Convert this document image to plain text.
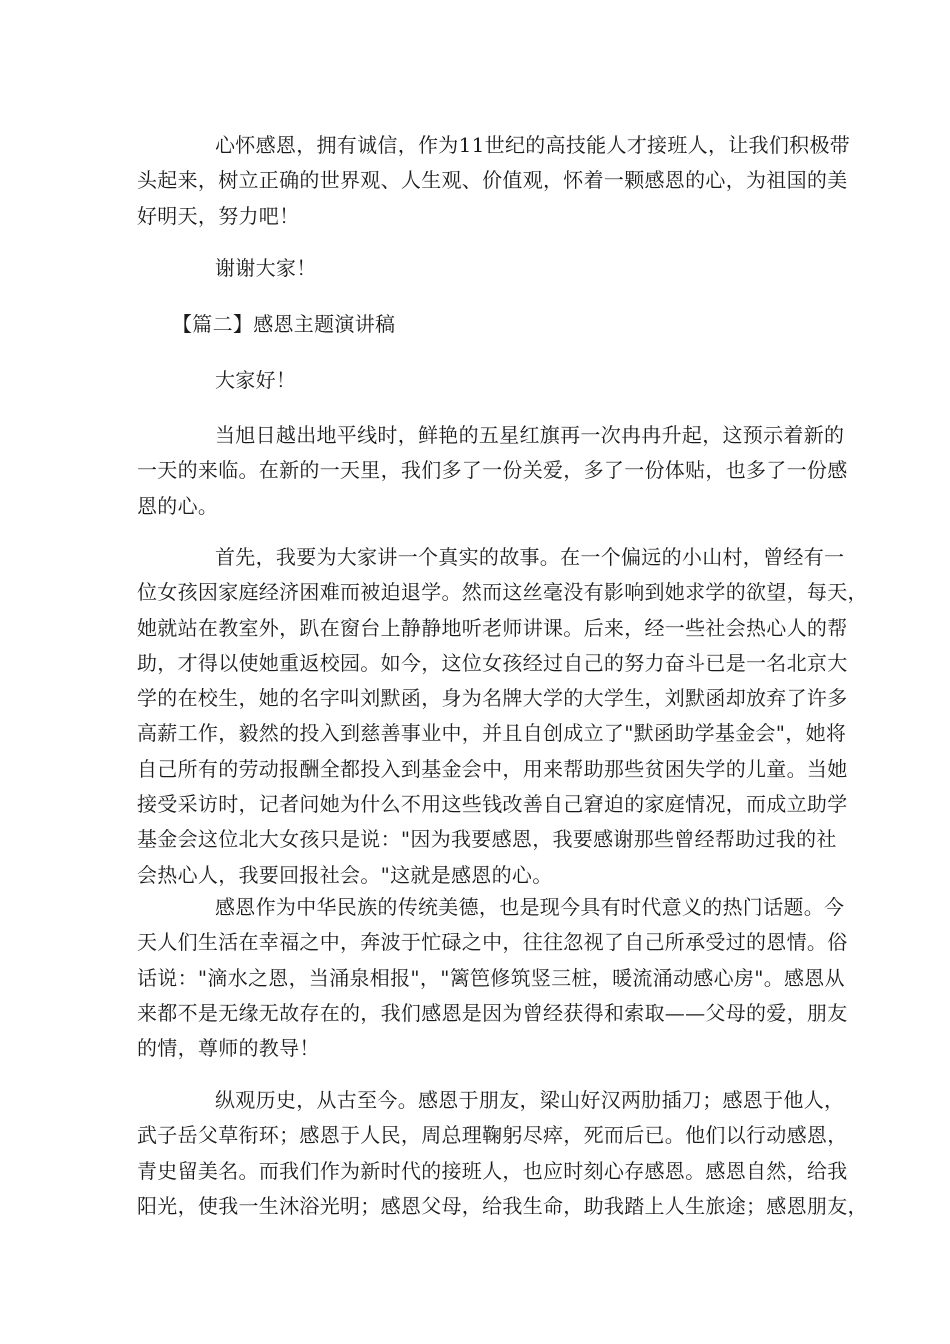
心怀感恩，拥有诚信，作为11世纪的高技能人才接班人，让我们积极带
头起来，树立正确的世界观、人生观、价值观，怀着一颗感恩的心，为祖国的美
好明天，努力吧！

谢谢大家！

【篇二】感恩主题演讲稿

大家好！

当旭日越出地平线时，鲜艳的五星红旗再一次冉冉升起，这预示着新的
一天的来临。在新的一天里，我们多了一份关爱，多了一份体贴，也多了一份感
恩的心。

首先，我要为大家讲一个真实的故事。在一个偏远的小山村，曾经有一
位女孩因家庭经济困难而被迫退学。然而这丝毫没有影响到她求学的欲望，每天，
她就站在教室外，趴在窗台上静静地听老师讲课。后来，经一些社会热心人的帮
助，才得以使她重返校园。如今，这位女孩经过自己的努力奋斗已是一名北京大
学的在校生，她的名字叫刘默函，身为名牌大学的大学生，刘默函却放弃了许多
高薪工作，毅然的投入到慈善事业中，并且自创成立了"默函助学基金会"，她将
自己所有的劳动报酬全都投入到基金会中，用来帮助那些贫困失学的儿童。当她
接受采访时，记者问她为什么不用这些钱改善自己窘迫的家庭情况，而成立助学
基金会这位北大女孩只是说："因为我要感恩，我要感谢那些曾经帮助过我的社
会热心人，我要回报社会。"这就是感恩的心。

感恩作为中华民族的传统美德，也是现今具有时代意义的热门话题。今
天人们生活在幸福之中，奔波于忙碌之中，往往忽视了自己所承受过的恩情。俗
话说："滴水之恩，当涌泉相报"，"篱笆修筑竖三桩，暖流涌动感心房"。感恩从
来都不是无缘无故存在的，我们感恩是因为曾经获得和索取——父母的爱，朋友
的情，尊师的教导！

纵观历史，从古至今。感恩于朋友，梁山好汉两肋插刀；感恩于他人，
武子岳父草衔环；感恩于人民，周总理鞠躬尽瘁，死而后已。他们以行动感恩，
青史留美名。而我们作为新时代的接班人，也应时刻心存感恩。感恩自然，给我
阳光，使我一生沐浴光明；感恩父母，给我生命，助我踏上人生旅途；感恩朋友，
